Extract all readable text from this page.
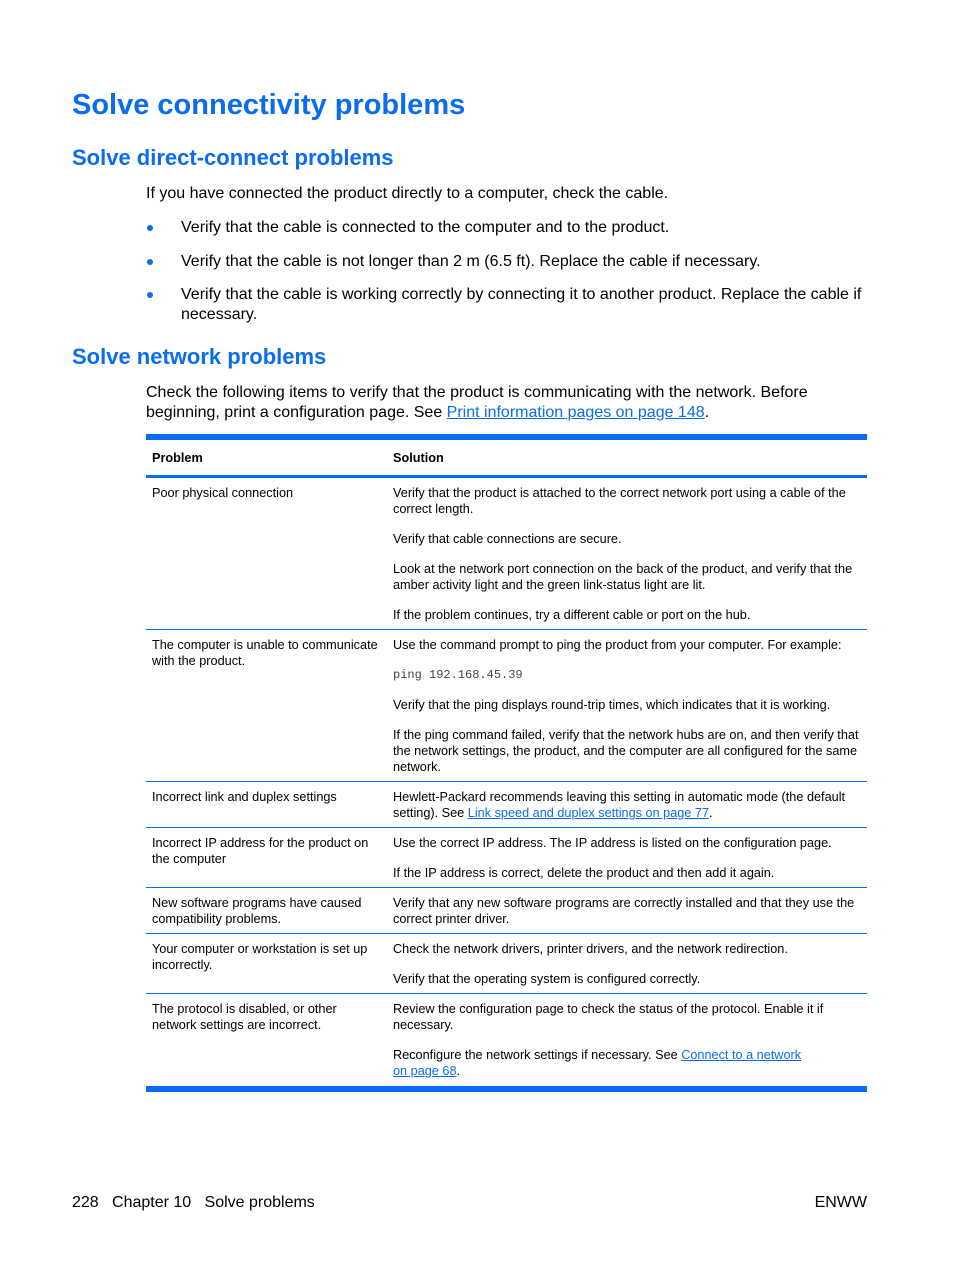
Solve connectivity problems
Solve direct-connect problems

If you have connected the product directly to a computer, check the cable.

Verify that the cable is connected to the computer and to the product.
Verify that the cable is not longer than 2 m (6.5 ft). Replace the cable if necessary.
Verify that the cable is working correctly by connecting it to another product. Replace the cable if necessary.
Solve network problems

Check the following items to verify that the product is communicating with the network. Before beginning, print a configuration page. See Print information pages on page 148.

Problem	Solution
Poor physical connection	Verify that the product is attached to the correct network port using a cable of the correct length.

Verify that cable connections are secure.

Look at the network port connection on the back of the product, and verify that the amber activity light and the green link-status light are lit.

If the problem continues, try a different cable or port on the hub.

The computer is unable to communicate with the product.	Use the command prompt to ping the product from your computer. For example:

ping 192.168.45.39

Verify that the ping displays round-trip times, which indicates that it is working.

If the ping command failed, verify that the network hubs are on, and then verify that the network settings, the product, and the computer are all configured for the same network.

Incorrect link and duplex settings	Hewlett-Packard recommends leaving this setting in automatic mode (the default setting). See Link speed and duplex settings on page 77.

Incorrect IP address for the product on the computer	Use the correct IP address. The IP address is listed on the configuration page.

If the IP address is correct, delete the product and then add it again.

New software programs have caused compatibility problems.	Verify that any new software programs are correctly installed and that they use the correct printer driver.

Your computer or workstation is set up incorrectly.	Check the network drivers, printer drivers, and the network redirection.

Verify that the operating system is configured correctly.

The protocol is disabled, or other network settings are incorrect.	Review the configuration page to check the status of the protocol. Enable it if necessary.

Reconfigure the network settings if necessary. See Connect to a network
on page 68.

228   Chapter 10   Solve problems	ENWW
